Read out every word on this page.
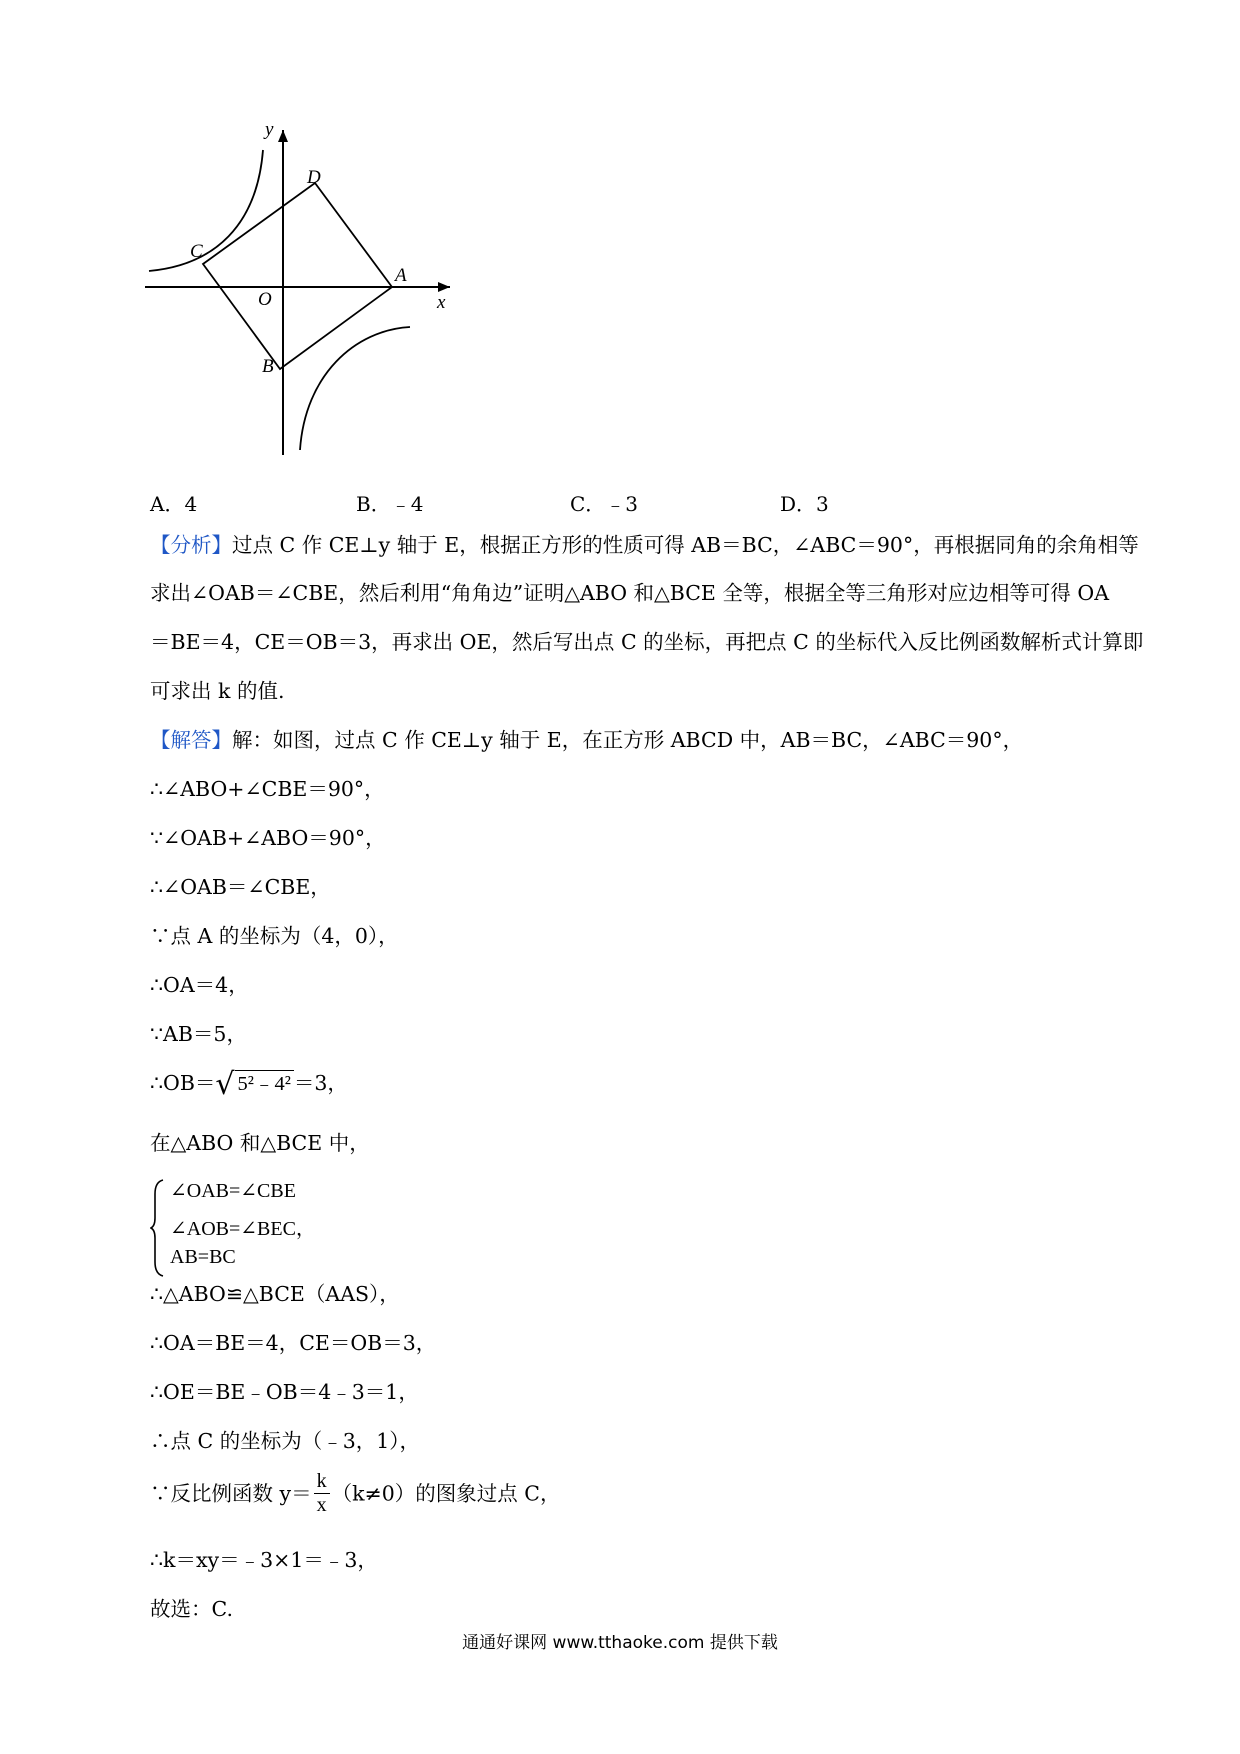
y
x
O
A
B
C
D
A．4	B．﹣4	C．﹣3	D．3
【分析】过点 C 作 CE⊥y 轴于 E，根据正方形的性质可得 AB＝BC，∠ABC＝90°，再根据同角的余角相等
求出∠OAB＝∠CBE，然后利用“角角边”证明△ABO 和△BCE 全等，根据全等三角形对应边相等可得 OA
＝BE＝4，CE＝OB＝3，再求出 OE，然后写出点 C 的坐标，再把点 C 的坐标代入反比例函数解析式计算即
可求出 k 的值.
【解答】解：如图，过点 C 作 CE⊥y 轴于 E，在正方形 ABCD 中，AB＝BC，∠ABC＝90°，
∴∠ABO+∠CBE＝90°，
∵∠OAB+∠ABO＝90°，
∴∠OAB＝∠CBE，
∵点 A 的坐标为（4，0），
∴OA＝4，
∵AB＝5，
∴OB＝√ 5²﹣4² ＝3，
在△ABO 和△BCE 中，
∠OAB=∠CBE
∠AOB=∠BEC，
AB=BC
∴△ABO≌△BCE（AAS），
∴OA＝BE＝4，CE＝OB＝3，
∴OE＝BE﹣OB＝4﹣3＝1，
∴点 C 的坐标为（﹣3，1），
∵反比例函数 $y= \frac{k}{x} (k\ne 0)$的图象过点 C，
∴k＝xy＝﹣3×1＝﹣3，
故选：C.
通通好课网 www.tthaoke.com 提供下载
